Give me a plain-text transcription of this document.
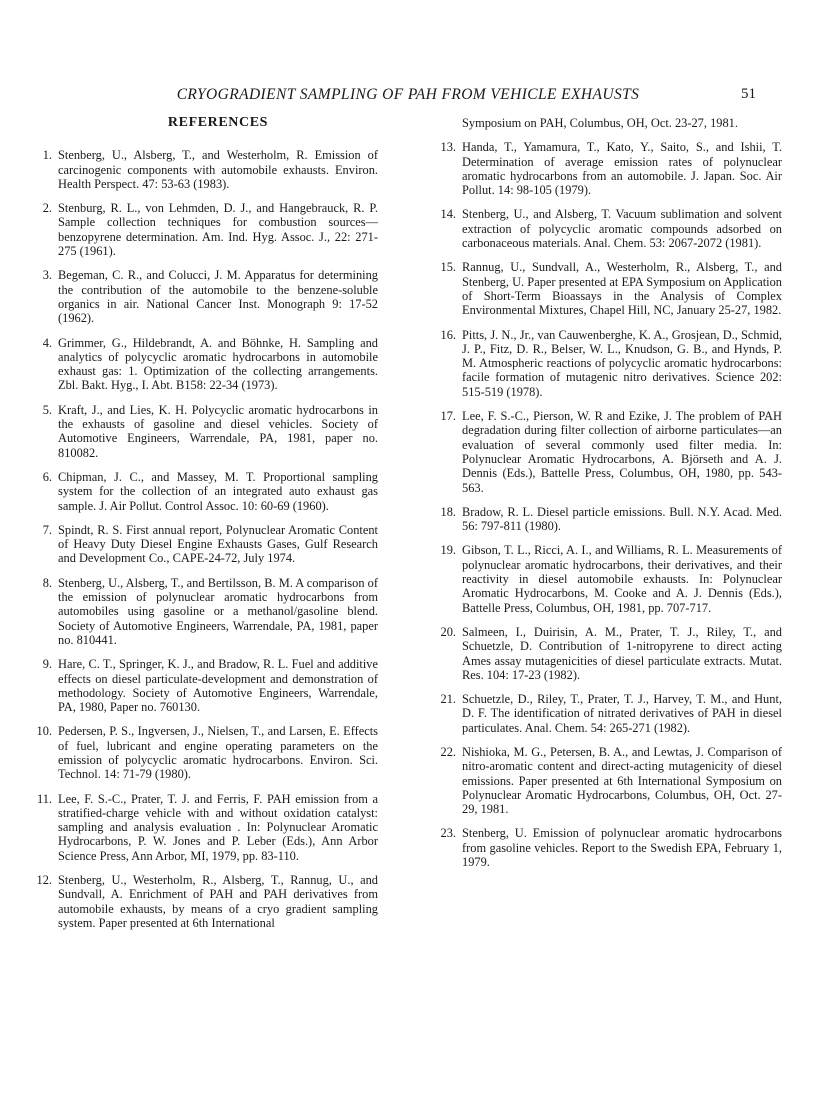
CRYOGRADIENT SAMPLING OF PAH FROM VEHICLE EXHAUSTS	51
REFERENCES
1. Stenberg, U., Alsberg, T., and Westerholm, R. Emission of carcinogenic components with automobile exhausts. Environ. Health Perspect. 47: 53-63 (1983).
2. Stenburg, R. L., von Lehmden, D. J., and Hangebrauck, R. P. Sample collection techniques for combustion sources—benzopyrene determination. Am. Ind. Hyg. Assoc. J., 22: 271-275 (1961).
3. Begeman, C. R., and Colucci, J. M. Apparatus for determining the contribution of the automobile to the benzene-soluble organics in air. National Cancer Inst. Monograph 9: 17-52 (1962).
4. Grimmer, G., Hildebrandt, A. and Böhnke, H. Sampling and analytics of polycyclic aromatic hydrocarbons in automobile exhaust gas: 1. Optimization of the collecting arrangements. Zbl. Bakt. Hyg., I. Abt. B158: 22-34 (1973).
5. Kraft, J., and Lies, K. H. Polycyclic aromatic hydrocarbons in the exhausts of gasoline and diesel vehicles. Society of Automotive Engineers, Warrendale, PA, 1981, paper no. 810082.
6. Chipman, J. C., and Massey, M. T. Proportional sampling system for the collection of an integrated auto exhaust gas sample. J. Air Pollut. Control Assoc. 10: 60-69 (1960).
7. Spindt, R. S. First annual report, Polynuclear Aromatic Content of Heavy Duty Diesel Engine Exhausts Gases, Gulf Research and Development Co., CAPE-24-72, July 1974.
8. Stenberg, U., Alsberg, T., and Bertilsson, B. M. A comparison of the emission of polynuclear aromatic hydrocarbons from automobiles using gasoline or a methanol/gasoline blend. Society of Automotive Engineers, Warrendale, PA, 1981, paper no. 810441.
9. Hare, C. T., Springer, K. J., and Bradow, R. L. Fuel and additive effects on diesel particulate-development and demonstration of methodology. Society of Automotive Engineers, Warrendale, PA, 1980, Paper no. 760130.
10. Pedersen, P. S., Ingversen, J., Nielsen, T., and Larsen, E. Effects of fuel, lubricant and engine operating parameters on the emission of polycyclic aromatic hydrocarbons. Environ. Sci. Technol. 14: 71-79 (1980).
11. Lee, F. S.-C., Prater, T. J. and Ferris, F. PAH emission from a stratified-charge vehicle with and without oxidation catalyst: sampling and analysis evaluation . In: Polynuclear Aromatic Hydrocarbons, P. W. Jones and P. Leber (Eds.), Ann Arbor Science Press, Ann Arbor, MI, 1979, pp. 83-110.
12. Stenberg, U., Westerholm, R., Alsberg, T., Rannug, U., and Sundvall, A. Enrichment of PAH and PAH derivatives from automobile exhausts, by means of a cryo gradient sampling system. Paper presented at 6th International
Symposium on PAH, Columbus, OH, Oct. 23-27, 1981.
13. Handa, T., Yamamura, T., Kato, Y., Saito, S., and Ishii, T. Determination of average emission rates of polynuclear aromatic hydrocarbons from an automobile. J. Japan. Soc. Air Pollut. 14: 98-105 (1979).
14. Stenberg, U., and Alsberg, T. Vacuum sublimation and solvent extraction of polycyclic aromatic compounds adsorbed on carbonaceous materials. Anal. Chem. 53: 2067-2072 (1981).
15. Rannug, U., Sundvall, A., Westerholm, R., Alsberg, T., and Stenberg, U. Paper presented at EPA Symposium on Application of Short-Term Bioassays in the Analysis of Complex Environmental Mixtures, Chapel Hill, NC, January 25-27, 1982.
16. Pitts, J. N., Jr., van Cauwenberghe, K. A., Grosjean, D., Schmid, J. P., Fitz, D. R., Belser, W. L., Knudson, G. B., and Hynds, P. M. Atmospheric reactions of polycyclic aromatic hydrocarbons: facile formation of mutagenic nitro derivatives. Science 202: 515-519 (1978).
17. Lee, F. S.-C., Pierson, W. R and Ezike, J. The problem of PAH degradation during filter collection of airborne particulates—an evaluation of several commonly used filter media. In: Polynuclear Aromatic Hydrocarbons, A. Björseth and A. J. Dennis (Eds.), Battelle Press, Columbus, OH, 1980, pp. 543-563.
18. Bradow, R. L. Diesel particle emissions. Bull. N.Y. Acad. Med. 56: 797-811 (1980).
19. Gibson, T. L., Ricci, A. I., and Williams, R. L. Measurements of polynuclear aromatic hydrocarbons, their derivatives, and their reactivity in diesel automobile exhausts. In: Polynuclear Aromatic Hydrocarbons, M. Cooke and A. J. Dennis (Eds.), Battelle Press, Columbus, OH, 1981, pp. 707-717.
20. Salmeen, I., Duirisin, A. M., Prater, T. J., Riley, T., and Schuetzle, D. Contribution of 1-nitropyrene to direct acting Ames assay mutagenicities of diesel particulate extracts. Mutat. Res. 104: 17-23 (1982).
21. Schuetzle, D., Riley, T., Prater, T. J., Harvey, T. M., and Hunt, D. F. The identification of nitrated derivatives of PAH in diesel particulates. Anal. Chem. 54: 265-271 (1982).
22. Nishioka, M. G., Petersen, B. A., and Lewtas, J. Comparison of nitro-aromatic content and direct-acting mutagenicity of diesel emissions. Paper presented at 6th International Symposium on Polynuclear Aromatic Hydrocarbons, Columbus, OH, Oct. 27-29, 1981.
23. Stenberg, U. Emission of polynuclear aromatic hydrocarbons from gasoline vehicles. Report to the Swedish EPA, February 1, 1979.
